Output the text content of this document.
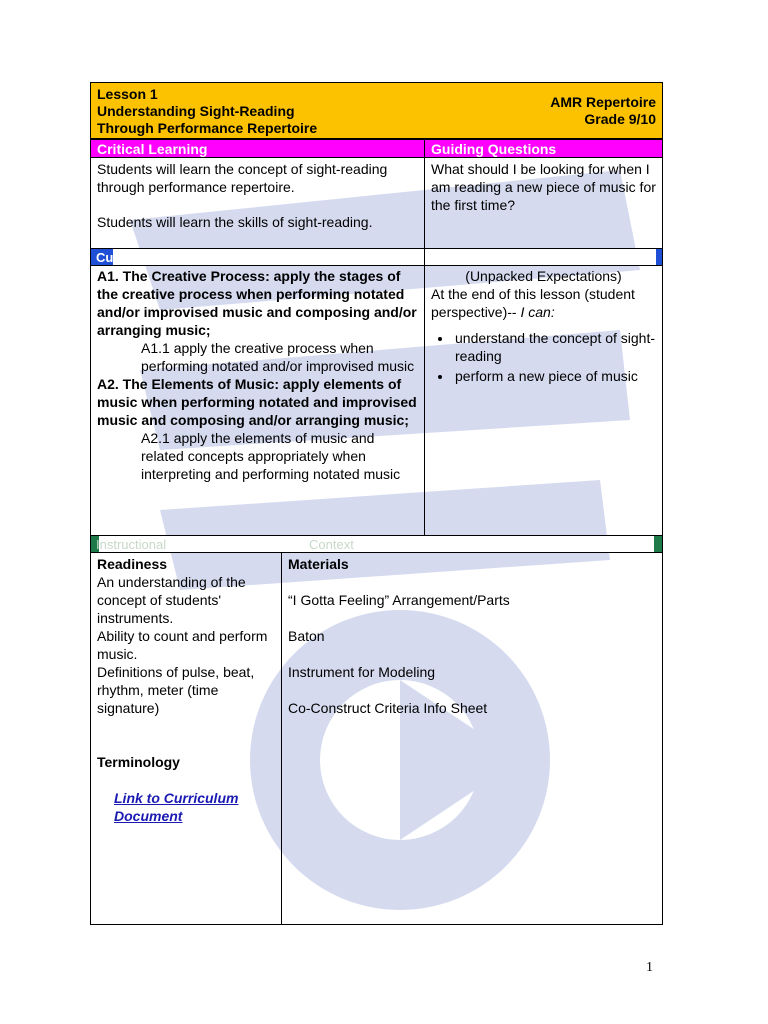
Lesson 1
Understanding Sight-Reading
Through Performance Repertoire
AMR Repertoire
Grade 9/10
Critical Learning	Guiding Questions
Students will learn the concept of sight-reading through performance repertoire.
Students will learn the skills of sight-reading.
What should I be looking for when I am reading a new piece of music for the first time?
Cu
A1. The Creative Process: apply the stages of the creative process when performing notated and/or improvised music and composing and/or arranging music;
A1.1 apply the creative process when performing notated and/or improvised music
A2. The Elements of Music: apply elements of music when performing notated and improvised music and composing and/or arranging music;
A2.1 apply the elements of music and related concepts appropriately when interpreting and performing notated music
(Unpacked Expectations)
At the end of this lesson (student perspective)-- I can:
• understand the concept of sight-reading
• perform a new piece of music
Instructional	Context
Readiness
An understanding of the concept of students' instruments.
Ability to count and perform music.
Definitions of pulse, beat, rhythm, meter (time signature)
Terminology
Link to Curriculum
Document
Materials
“I Gotta Feeling” Arrangement/Parts
Baton
Instrument for Modeling
Co-Construct Criteria Info Sheet
1
